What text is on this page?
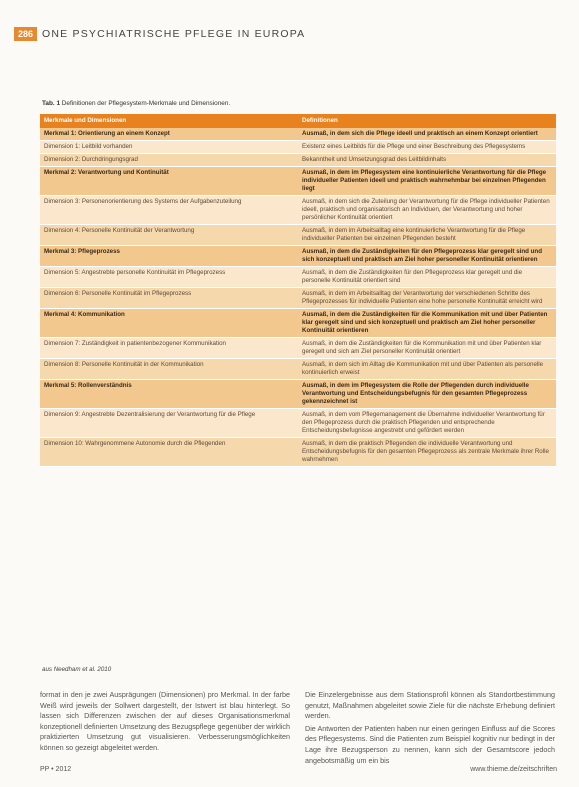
286 ONE PSYCHIATRISCHE PFLEGE IN EUROPA
Tab. 1 Definitionen der Pflegesystem-Merkmale und Dimensionen.
Merkmale und Dimensionen	Definitionen
Merkmal 1: Orientierung an einem Konzept	Ausmaß, in dem sich die Pflege ideell und praktisch an einem Konzept orientiert
Dimension 1: Leitbild vorhanden	Existenz eines Leitbilds für die Pflege und einer Beschreibung des Pflegesystems
Dimension 2: Durchdringungsgrad	Bekanntheit und Umsetzungsgrad des Leitbildinhalts
Merkmal 2: Verantwortung und Kontinuität	Ausmaß, in dem im Pflegesystem eine kontinuierliche Verantwortung für die Pflege individueller Patienten ideell und praktisch wahrnehmbar bei einzelnen Pflegenden liegt
Dimension 3: Personenorientierung des Systems der Aufgabenzuteilung	Ausmaß, in dem sich die Zuteilung der Verantwortung für die Pflege individueller Patienten ideell, praktisch und organisatorisch an Individuen, der Verantwortung und hoher persönlicher Kontinuität orientiert
Dimension 4: Personelle Kontinuität der Verantwortung	Ausmaß, in dem im Arbeitsalltag eine kontinuierliche Verantwortung für die Pflege individueller Patienten bei einzelnen Pflegenden besteht
Merkmal 3: Pflegeprozess	Ausmaß, in dem die Zuständigkeiten für den Pflegeprozess klar geregelt sind und sich konzeptuell und praktisch am Ziel hoher personeller Kontinuität orientieren
Dimension 5: Angestrebte personelle Kontinuität im Pflegeprozess	Ausmaß, in dem die Zuständigkeiten für den Pflegeprozess klar geregelt und die personelle Kontinuität orientiert sind
Dimension 6: Personelle Kontinuität im Pflegeprozess	Ausmaß, in dem im Arbeitsalltag der Verantwortung der verschiedenen Schritte des Pflegeprozesses für individuelle Patienten eine hohe personelle Kontinuität erreicht wird
Merkmal 4: Kommunikation	Ausmaß, in dem die Zuständigkeiten für die Kommunikation mit und über Patienten klar geregelt sind und sich konzeptuell und praktisch am Ziel hoher personeller Kontinuität orientieren
Dimension 7: Zuständigkeit in patientenbezogener Kommunikation	Ausmaß, in dem die Zuständigkeiten für die Kommunikation mit und über Patienten klar geregelt und sich am Ziel personeller Kontinuität orientiert
Dimension 8: Personelle Kontinuität in der Kommunikation	Ausmaß, in dem sich im Alltag die Kommunikation mit und über Patienten als personelle kontinuierlich erweist
Merkmal 5: Rollenverständnis	Ausmaß, in dem im Pflegesystem die Rolle der Pflegenden durch individuelle Verantwortung und Entscheidungsbefugnis für den gesamten Pflegeprozess gekennzeichnet ist
Dimension 9: Angestrebte Dezentralisierung der Verantwortung für die Pflege	Ausmaß, in dem vom Pflegemanagement die Übernahme individueller Verantwortung für den Pflegeprozess durch die praktisch Pflegenden und entsprechende Entscheidungsbefugnisse angestrebt und gefördert werden
Dimension 10: Wahrgenommene Autonomie durch die Pflegenden	Ausmaß, in dem die praktisch Pflegenden die individuelle Verantwortung und Entscheidungsbefugnis für den gesamten Pflegeprozess als zentrale Merkmale ihrer Rolle wahrnehmen
aus Needham et al. 2010

format in den je zwei Ausprägungen (Dimensionen) pro Merkmal. In der farbe Weiß wird jeweils der Sollwert dargestellt, der Istwert ist blau hinterlegt. So lassen sich Differenzen zwischen der auf dieses Organisationsmerkmal konzeptionell definierten Umsetzung des Bezugspflege gegenüber der wirklich praktizierten Umsetzung gut visualisieren. Verbesserungsmöglichkeiten können so gezeigt abgeleitet werden.

Die Einzelergebnisse aus dem Stationsprofil können als Standortbestimmung genutzt, Maßnahmen abgeleitet sowie Ziele für die nächste Erhebung definiert werden.

Die Antworten der Patienten haben nur einen geringen Einfluss auf die Scores des Pflegesystems. Sind die Patienten zum Beispiel kognitiv nur bedingt in der Lage ihre Bezugsperson zu nennen, kann sich der Gesamtscore jedoch angebotsmäßig um ein bis

PP • 2012	www.thieme.de/zeitschriften
